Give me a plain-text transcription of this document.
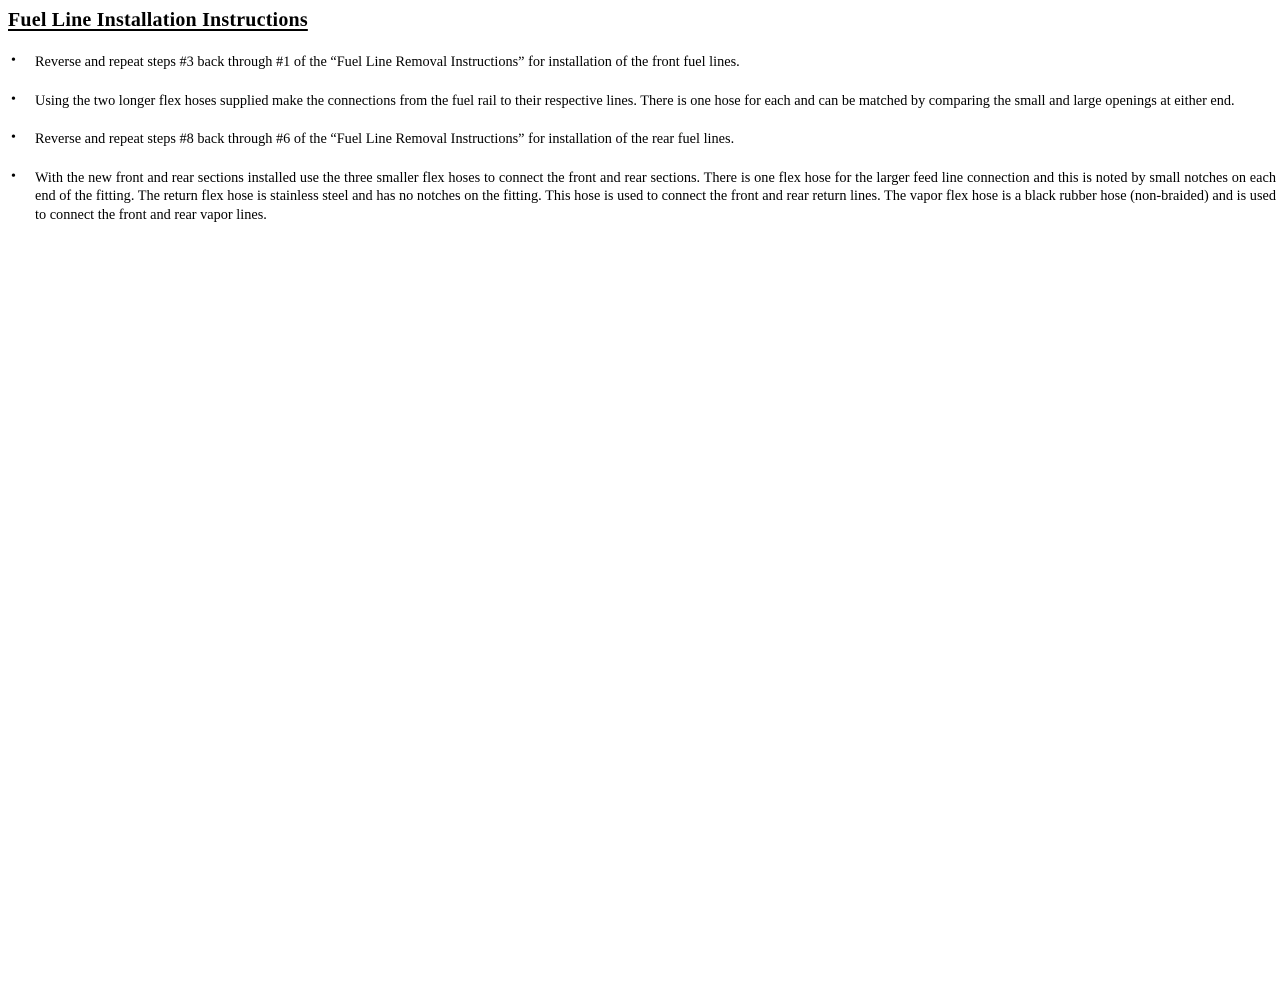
Fuel Line Installation Instructions
• Reverse and repeat steps #3 back through #1 of the “Fuel Line Removal Instructions” for installation of the front fuel lines.
• Using the two longer flex hoses supplied make the connections from the fuel rail to their respective lines. There is one hose for each and can be matched by comparing the small and large openings at either end.
• Reverse and repeat steps #8 back through #6 of the “Fuel Line Removal Instructions” for installation of the rear fuel lines.
• With the new front and rear sections installed use the three smaller flex hoses to connect the front and rear sections. There is one flex hose for the larger feed line connection and this is noted by small notches on each end of the fitting. The return flex hose is stainless steel and has no notches on the fitting. This hose is used to connect the front and rear return lines. The vapor flex hose is a black rubber hose (non-braided) and is used to connect the front and rear vapor lines.
